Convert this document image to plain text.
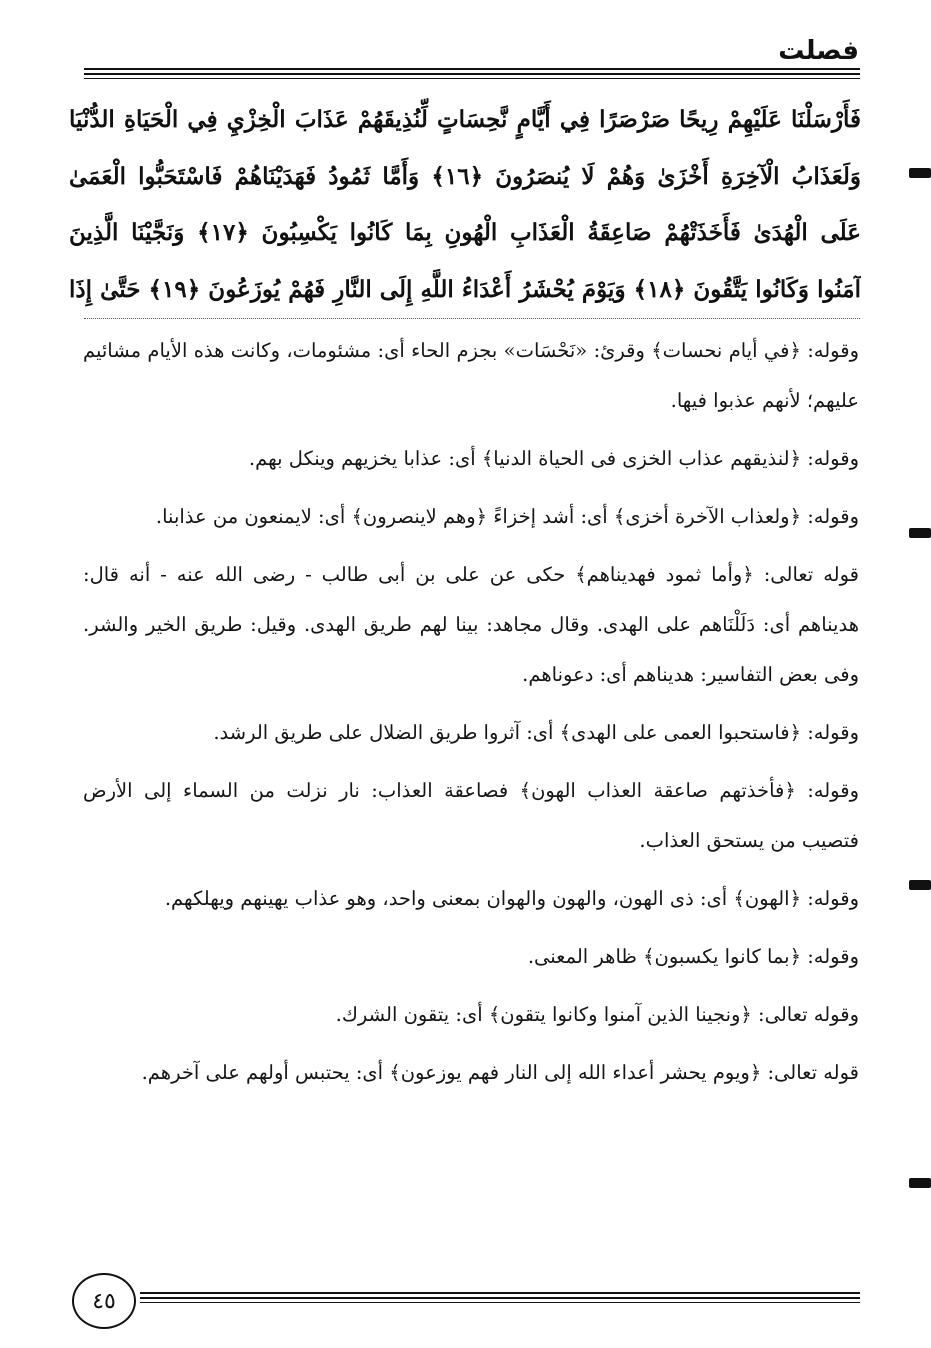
فصلت
فَأَرْسَلْنَا عَلَيْهِمْ رِيحًا صَرْصَرًا فِي أَيَّامٍ نَّحِسَاتٍ لِّنُذِيقَهُمْ عَذَابَ الْخِزْيِ فِي الْحَيَاةِ الدُّنْيَا
وَلَعَذَابُ الْآخِرَةِ أَخْزَىٰ وَهُمْ لَا يُنصَرُونَ ﴿١٦﴾ وَأَمَّا ثَمُودُ فَهَدَيْنَاهُمْ فَاسْتَحَبُّوا الْعَمَىٰ
عَلَى الْهُدَىٰ فَأَخَذَتْهُمْ صَاعِقَةُ الْعَذَابِ الْهُونِ بِمَا كَانُوا يَكْسِبُونَ ﴿١٧﴾ وَنَجَّيْنَا الَّذِينَ
آمَنُوا وَكَانُوا يَتَّقُونَ ﴿١٨﴾ وَيَوْمَ يُحْشَرُ أَعْدَاءُ اللَّهِ إِلَى النَّارِ فَهُمْ يُوزَعُونَ ﴿١٩﴾ حَتَّىٰ إِذَا

وقوله: ﴿في أيام نحسات﴾ وقرئ: «نَحْسَات» بجزم الحاء أى: مشئومات، وكانت هذه الأيام مشائيم عليهم؛ لأنهم عذبوا فيها.

وقوله: ﴿لنذيقهم عذاب الخزى فى الحياة الدنيا﴾ أى: عذابا يخزيهم وينكل بهم.

وقوله: ﴿ولعذاب الآخرة أخزى﴾ أى: أشد إخزاءً ﴿وهم لاينصرون﴾ أى: لايمنعون من عذابنا.

قوله تعالى: ﴿وأما ثمود فهديناهم﴾ حكى عن على بن أبى طالب - رضى الله عنه - أنه قال: هديناهم أى: دَلَلْنَاهم على الهدى. وقال مجاهد: بينا لهم طريق الهدى. وقيل: طريق الخير والشر. وفى بعض التفاسير: هديناهم أى: دعوناهم.

وقوله: ﴿فاستحبوا العمى على الهدى﴾ أى: آثروا طريق الضلال على طريق الرشد.

وقوله: ﴿فأخذتهم صاعقة العذاب الهون﴾ فصاعقة العذاب: نار نزلت من السماء إلى الأرض فتصيب من يستحق العذاب.

وقوله: ﴿الهون﴾ أى: ذى الهون، والهون والهوان بمعنى واحد، وهو عذاب يهينهم ويهلكهم.

وقوله: ﴿بما كانوا يكسبون﴾ ظاهر المعنى.

وقوله تعالى: ﴿ونجينا الذين آمنوا وكانوا يتقون﴾ أى: يتقون الشرك.

قوله تعالى: ﴿ويوم يحشر أعداء الله إلى النار فهم يوزعون﴾ أى: يحتبس أولهم على آخرهم.

٤٥
